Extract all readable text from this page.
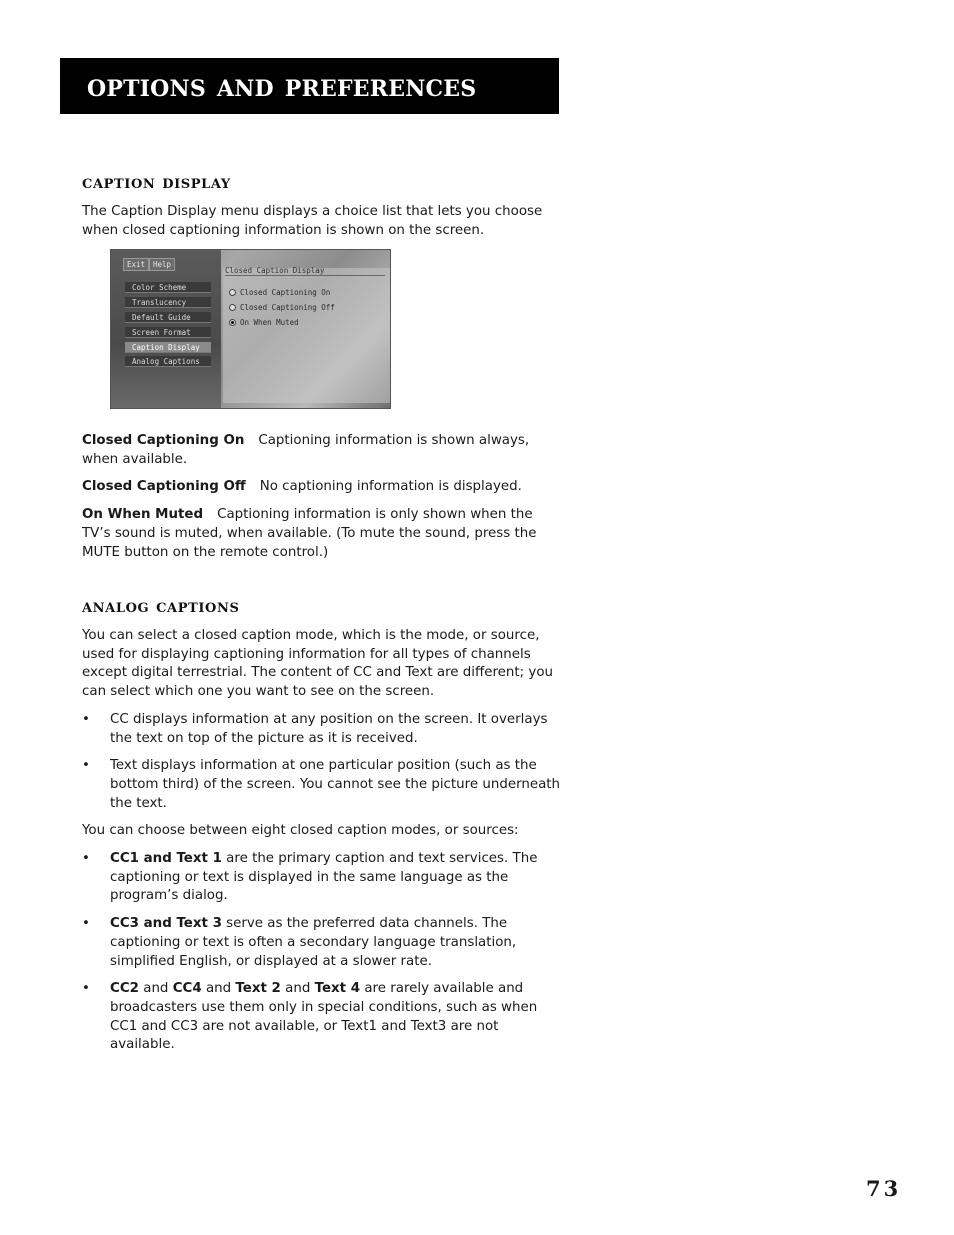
options and preferences
caption display

The Caption Display menu displays a choice list that lets you choose when closed captioning information is shown on the screen.

Exit	Help
Color Scheme
Translucency
Default Guide
Screen Format
Caption Display
Analog Captions
Closed Caption Display
Closed Captioning On
Closed Captioning Off
On When Muted

Closed Captioning On Captioning information is shown always, when available.

Closed Captioning Off No captioning information is displayed.

On When Muted Captioning information is only shown when the TV’s sound is muted, when available. (To mute the sound, press the MUTE button on the remote control.)

analog captions

You can select a closed caption mode, which is the mode, or source, used for displaying captioning information for all types of channels except digital terrestrial. The content of CC and Text are different; you can select which one you want to see on the screen.

• CC displays information at any position on the screen. It overlays the text on top of the picture as it is received.
• Text displays information at one particular position (such as the bottom third) of the screen. You cannot see the picture underneath the text.

You can choose between eight closed caption modes, or sources:

• CC1 and Text 1 are the primary caption and text services. The captioning or text is displayed in the same language as the program’s dialog.
• CC3 and Text 3 serve as the preferred data channels. The captioning or text is often a secondary language translation, simplified English, or displayed at a slower rate.
• CC2 and CC4 and Text 2 and Text 4 are rarely available and broadcasters use them only in special conditions, such as when CC1 and CC3 are not available, or Text1 and Text3 are not available.
73
